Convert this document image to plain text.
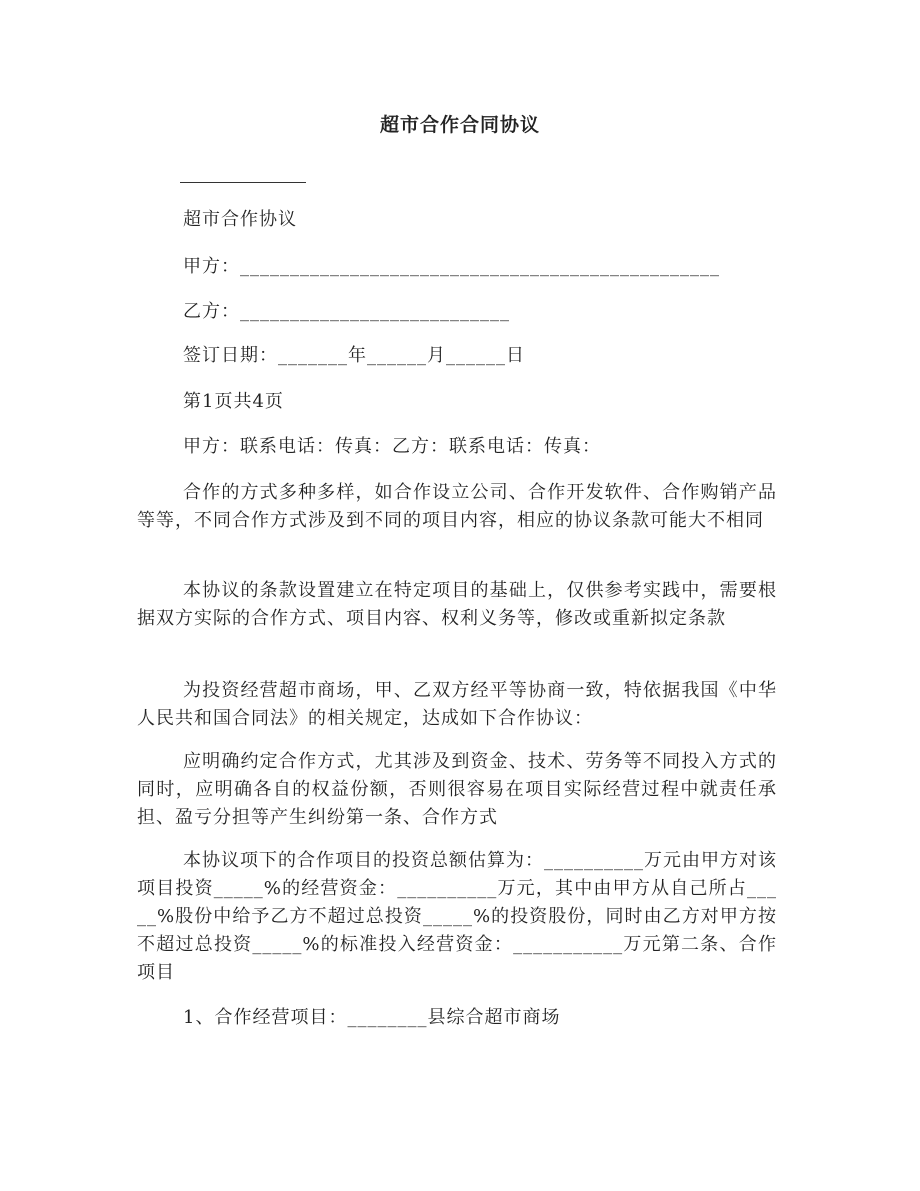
超市合作合同协议
超市合作协议
甲方：________________________________________________
乙方：___________________________
签订日期：_______年______月______日
第1页共4页
甲方：联系电话：传真：乙方：联系电话：传真：
合作的方式多种多样，如合作设立公司、合作开发软件、合作购销产品等等，不同合作方式涉及到不同的项目内容，相应的协议条款可能大不相同
本协议的条款设置建立在特定项目的基础上，仅供参考实践中，需要根据双方实际的合作方式、项目内容、权利义务等，修改或重新拟定条款
为投资经营超市商场，甲、乙双方经平等协商一致，特依据我国《中华人民共和国合同法》的相关规定，达成如下合作协议：
应明确约定合作方式，尤其涉及到资金、技术、劳务等不同投入方式的同时，应明确各自的权益份额，否则很容易在项目实际经营过程中就责任承担、盈亏分担等产生纠纷第一条、合作方式
本协议项下的合作项目的投资总额估算为：__________万元由甲方对该项目投资_____%的经营资金：__________万元，其中由甲方从自己所占_____%股份中给予乙方不超过总投资_____%的投资股份，同时由乙方对甲方按不超过总投资_____%的标准投入经营资金：___________万元第二条、合作项目
1、合作经营项目：________县综合超市商场
